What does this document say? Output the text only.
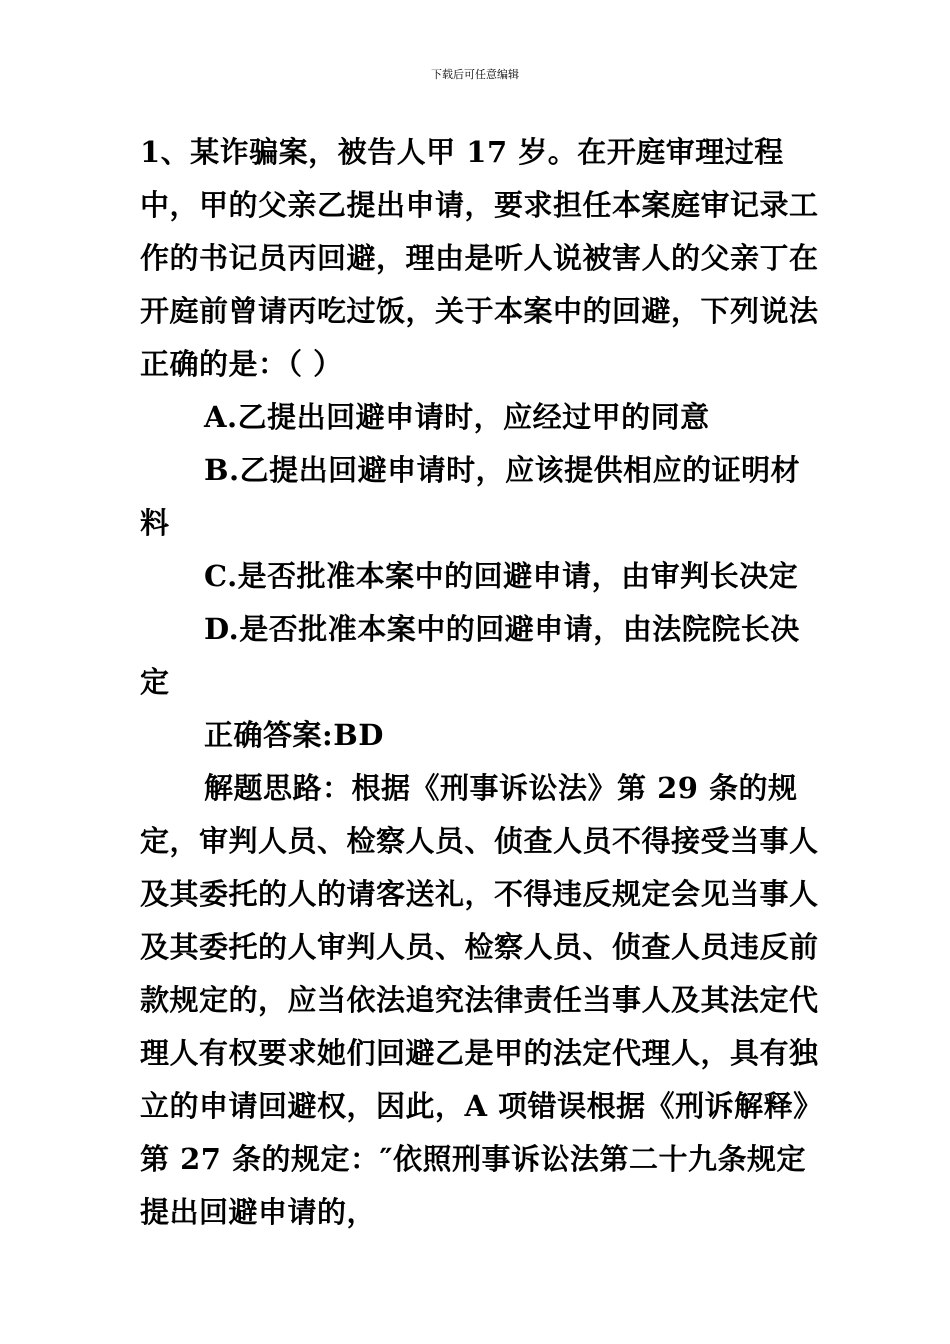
下载后可任意编辑

1、某诈骗案，被告人甲 17 岁。在开庭审理过程中，甲的父亲乙提出申请，要求担任本案庭审记录工作的书记员丙回避，理由是听人说被害人的父亲丁在开庭前曾请丙吃过饭，关于本案中的回避，下列说法正确的是：（ ）

A.乙提出回避申请时，应经过甲的同意

B.乙提出回避申请时，应该提供相应的证明材料

C.是否批准本案中的回避申请，由审判长决定

D.是否批准本案中的回避申请，由法院院长决定

正确答案:BD

解题思路：根据《刑事诉讼法》第 29 条的规定，审判人员、检察人员、侦查人员不得接受当事人及其委托的人的请客送礼，不得违反规定会见当事人及其委托的人审判人员、检察人员、侦查人员违反前款规定的，应当依法追究法律责任当事人及其法定代理人有权要求她们回避乙是甲的法定代理人，具有独立的申请回避权，因此，A 项错误根据《刑诉解释》第 27 条的规定：″依照刑事诉讼法第二十九条规定提出回避申请的，
